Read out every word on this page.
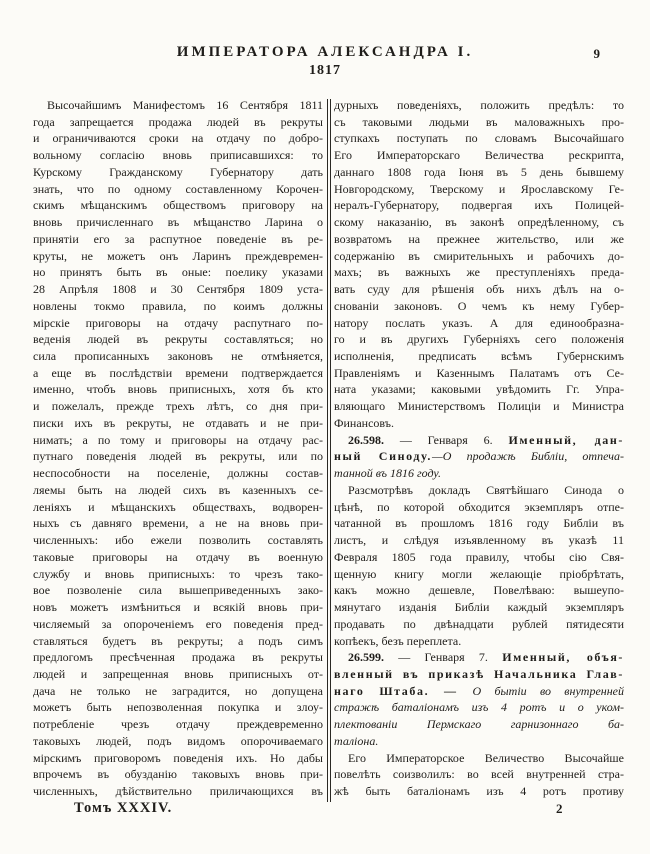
ИМПЕРАТОРА АЛЕКСАНДРА I.	9
1817
Высочайшимъ Манифестомъ 16 Сентября 1811
года запрещается продажа людей въ рекруты
и ограничиваются сроки на отдачу по добро-
вольному согласію вновь приписавшихся: то
Курскому Гражданскому Губернатору дать
знать, что по одному составленному Корочен-
скимъ мѣщанскимъ обществомъ приговору на
вновь причисленнаго въ мѣщанство Ларина о
принятіи его за распутное поведеніе въ ре-
круты, не можетъ онъ Ларинъ преждевремен-
но принятъ быть въ оные: поелику указами
28 Апрѣля 1808 и 30 Сентября 1809 уста-
новлены токмо правила, по коимъ должны
мірскіе приговоры на отдачу распутнаго по-
веденія людей въ рекруты составляться; но
сила прописанныхъ законовъ не отмѣняется,
а еще въ послѣдствіи времени подтверждается
именно, чтобъ вновь приписныхъ, хотя бъ кто
и пожелалъ, прежде трехъ лѣтъ, со дня при-
писки ихъ въ рекруты, не отдавать и не при-
нимать; а по тому и приговоры на отдачу рас-
путнаго поведенія людей въ рекруты, или по
неспособности на поселеніе, должны состав-
ляемы быть на людей сихъ въ казенныхъ се-
леніяхъ и мѣщанскихъ обществахъ, водворен-
ныхъ съ давняго времени, а не на вновь при-
численныхъ: ибо ежели позволить составлять
таковые приговоры на отдачу въ военную
службу и вновь приписныхъ: то чрезъ тако-
вое позволеніе сила вышеприведенныхъ зако-
новъ можетъ измѣниться и всякій вновь при-
числяемый за опороченіемъ его поведенія пред-
ставляться будетъ въ рекруты; а подъ симъ
предлогомъ пресѣченная продажа въ рекруты
людей и запрещенная вновь приписныхъ от-
дача не только не заградится, но допущена
можетъ быть непозволенная покупка и злоу-
потребленіе чрезъ отдачу преждевременно
таковыхъ людей, подъ видомъ опорочиваемаго
мірскимъ приговоромъ поведенія ихъ. Но дабы
впрочемъ въ обузданію таковыхъ вновь при-
численныхъ, дѣйствительно приличающихся въ
дурныхъ поведеніяхъ, положить предѣлъ: то
съ таковыми людьми въ маловажныхъ про-
ступкахъ поступать по словамъ Высочайшаго
Его Императорскаго Величества рескрипта,
даннаго 1808 года Іюня въ 5 день бывшему
Новгородскому, Тверскому и Ярославскому Ге-
нералъ-Губернатору, подвергая ихъ Полицей-
скому наказанію, въ законѣ опредѣленному, съ
возвратомъ на прежнее жительство, или же
содержанію въ смирительныхъ и рабочихъ до-
махъ; въ важныхъ же преступленіяхъ преда-
вать суду для рѣшенія объ нихъ дѣлъ на о-
снованіи законовъ. О чемъ къ нему Губер-
натору послать указъ. А для единообразна-
го и въ другихъ Губерніяхъ сего положенія
исполненія, предписать всѣмъ Губернскимъ
Правленіямъ и Казеннымъ Палатамъ отъ Се-
ната указами; каковыми увѣдомить Гг. Упра-
вляющаго Министерствомъ Полиціи и Министра
Финансовъ.
26.598. — Генваря 6. Именный, дан-
ный Синоду.—О продажѣ Библіи, отпеча-
танной въ 1816 году.
Разсмотрѣвъ докладъ Святѣйшаго Синода о
цѣнѣ, по которой обходится экземпляръ отпе-
чатанной въ прошломъ 1816 году Библіи въ
листъ, и слѣдуя изъявленному въ указѣ 11
Февраля 1805 года правилу, чтобы сію Свя-
щенную книгу могли желающіе пріобрѣтать,
какъ можно дешевле, Повелѣваю: вышеупо-
мянутаго изданія Библіи каждый экземпляръ
продавать по двѣнадцати рублей пятидесяти
копѣекъ, безъ переплета.
26.599. — Генваря 7. Именный, объя-
вленный въ приказѣ Начальника Глав-
наго Штаба. — О бытіи во внутренней
стражѣ баталіонамъ изъ 4 ротъ и о уком-
плектованіи Пермскаго гарнизоннаго ба-
таліона.
Его Императорское Величество Высочайше
повелѣть соизволилъ: во всей внутренней стра-
жѣ быть баталіонамъ изъ 4 ротъ противу
Томъ XXXIV.	2
